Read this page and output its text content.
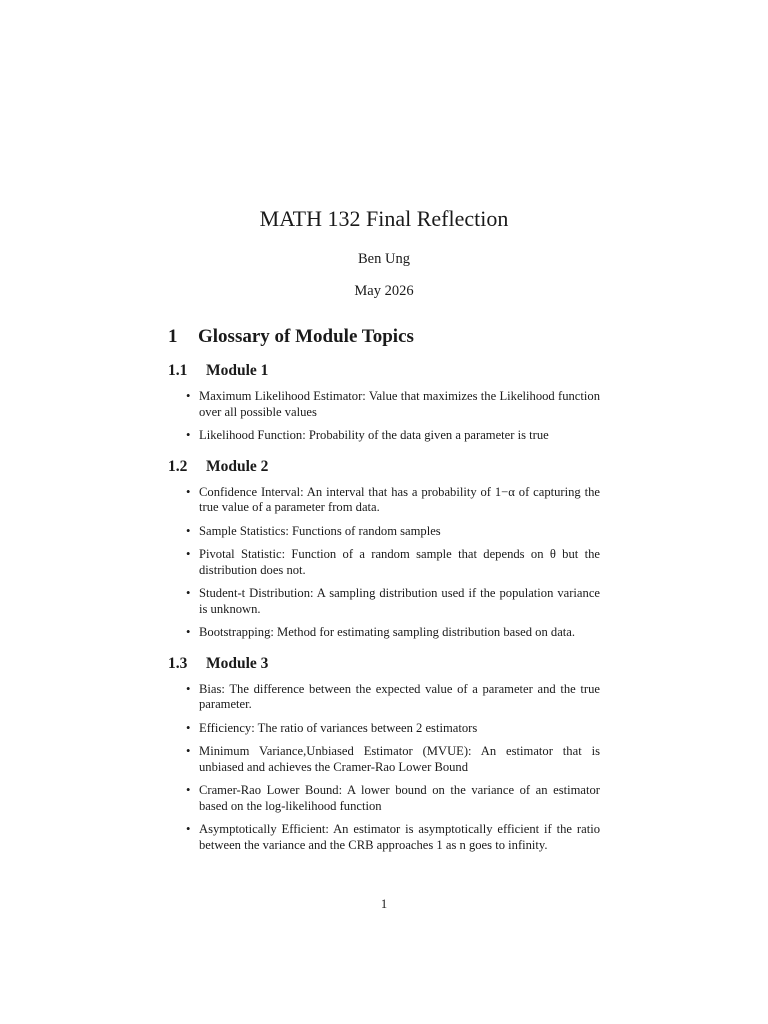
MATH 132 Final Reflection
Ben Ung
May 2026
1	Glossary of Module Topics
1.1	Module 1
• Maximum Likelihood Estimator: Value that maximizes the Likelihood function over all possible values
• Likelihood Function: Probability of the data given a parameter is true
1.2	Module 2
• Confidence Interval: An interval that has a probability of 1−α of capturing the true value of a parameter from data.
• Sample Statistics: Functions of random samples
• Pivotal Statistic: Function of a random sample that depends on θ but the distribution does not.
• Student-t Distribution: A sampling distribution used if the population variance is unknown.
• Bootstrapping: Method for estimating sampling distribution based on data.
1.3	Module 3
• Bias: The difference between the expected value of a parameter and the true parameter.
• Efficiency: The ratio of variances between 2 estimators
• Minimum Variance,Unbiased Estimator (MVUE): An estimator that is unbiased and achieves the Cramer-Rao Lower Bound
• Cramer-Rao Lower Bound: A lower bound on the variance of an estimator based on the log-likelihood function
• Asymptotically Efficient: An estimator is asymptotically efficient if the ratio between the variance and the CRB approaches 1 as n goes to infinity.
1
